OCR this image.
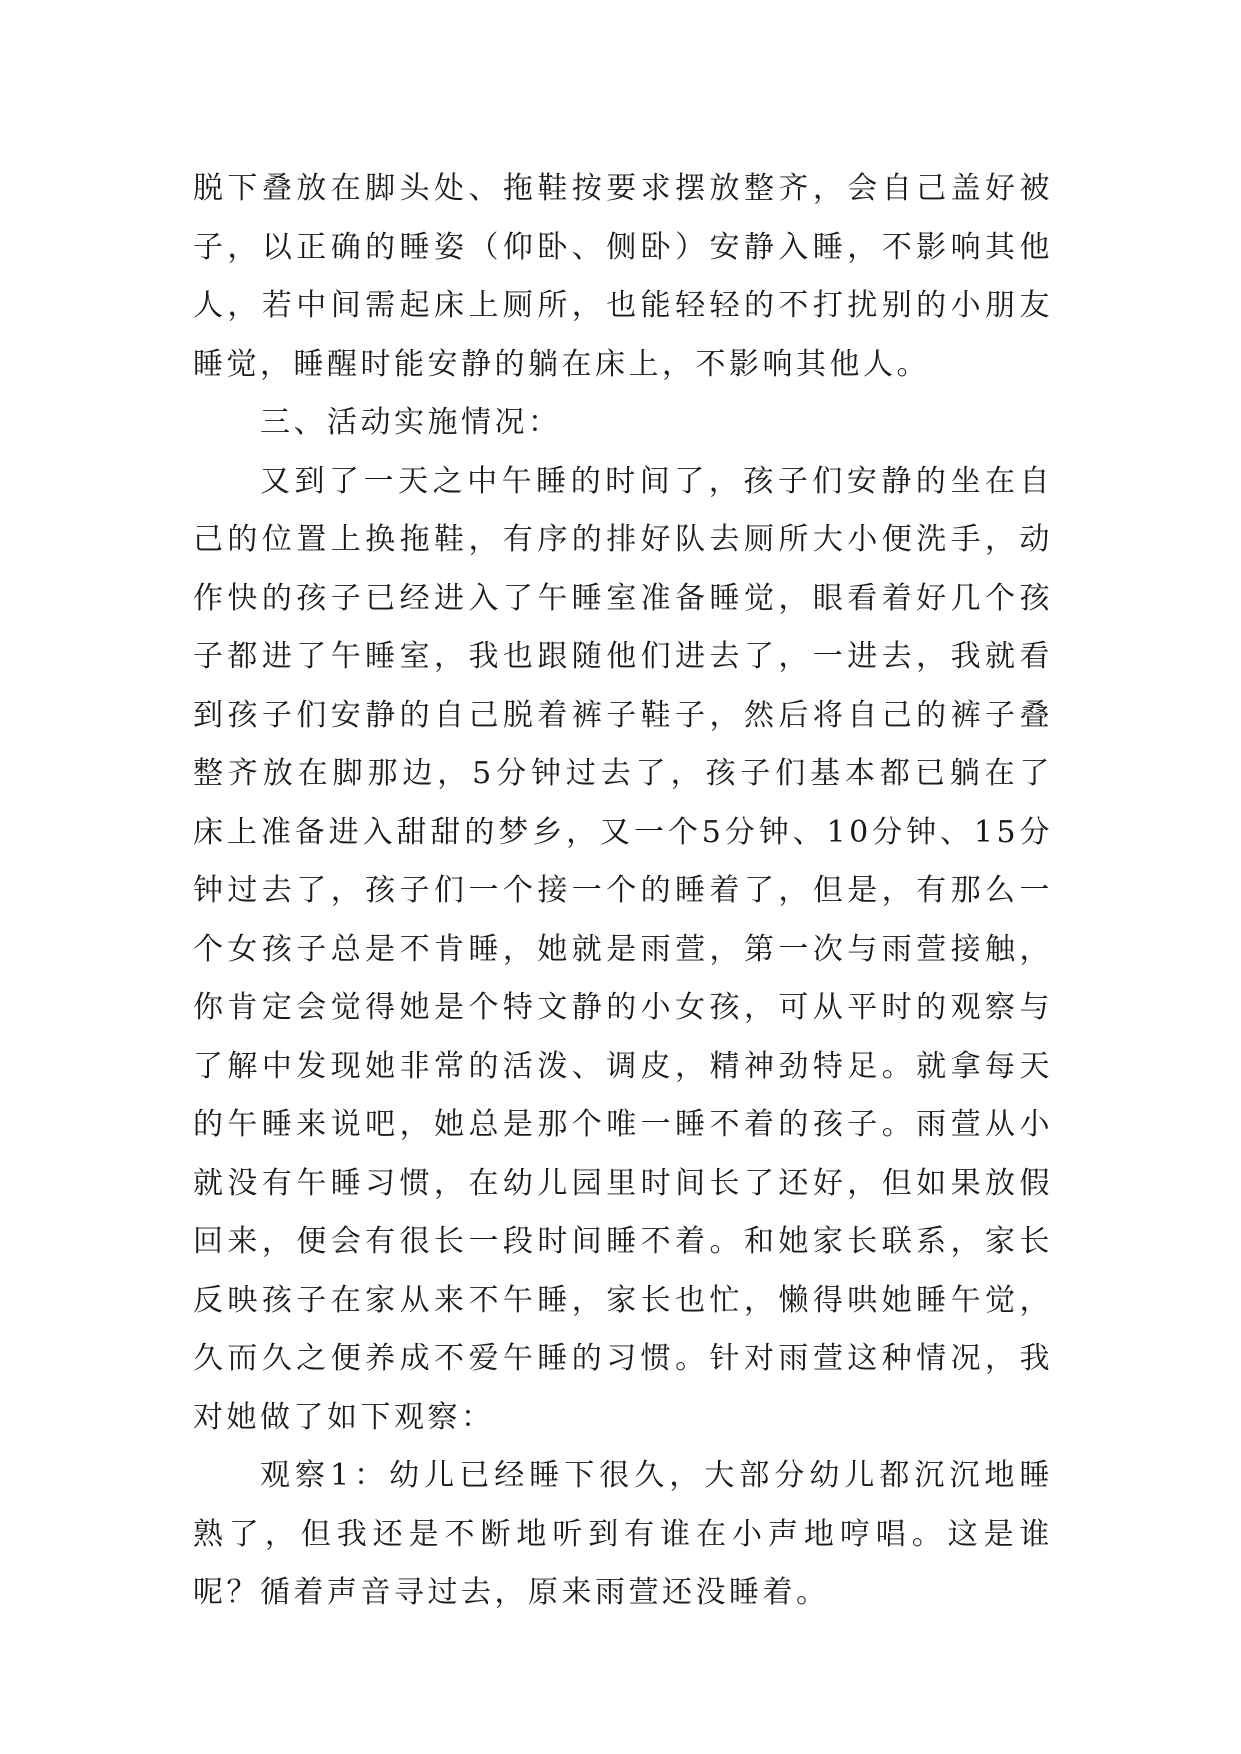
脱下叠放在脚头处、拖鞋按要求摆放整齐，会自己盖好被子，以正确的睡姿（仰卧、侧卧）安静入睡，不影响其他人，若中间需起床上厕所，也能轻轻的不打扰别的小朋友睡觉，睡醒时能安静的躺在床上，不影响其他人。

三、活动实施情况：

又到了一天之中午睡的时间了，孩子们安静的坐在自己的位置上换拖鞋，有序的排好队去厕所大小便洗手，动作快的孩子已经进入了午睡室准备睡觉，眼看着好几个孩子都进了午睡室，我也跟随他们进去了，一进去，我就看到孩子们安静的自己脱着裤子鞋子，然后将自己的裤子叠整齐放在脚那边，5分钟过去了，孩子们基本都已躺在了床上准备进入甜甜的梦乡，又一个5分钟、10分钟、15分钟过去了，孩子们一个接一个的睡着了，但是，有那么一个女孩子总是不肯睡，她就是雨萱，第一次与雨萱接触，你肯定会觉得她是个特文静的小女孩，可从平时的观察与了解中发现她非常的活泼、调皮，精神劲特足。就拿每天的午睡来说吧，她总是那个唯一睡不着的孩子。雨萱从小就没有午睡习惯，在幼儿园里时间长了还好，但如果放假回来，便会有很长一段时间睡不着。和她家长联系，家长反映孩子在家从来不午睡，家长也忙，懒得哄她睡午觉，久而久之便养成不爱午睡的习惯。针对雨萱这种情况，我对她做了如下观察：

观察1：幼儿已经睡下很久，大部分幼儿都沉沉地睡熟了，但我还是不断地听到有谁在小声地哼唱。这是谁呢？循着声音寻过去，原来雨萱还没睡着。
